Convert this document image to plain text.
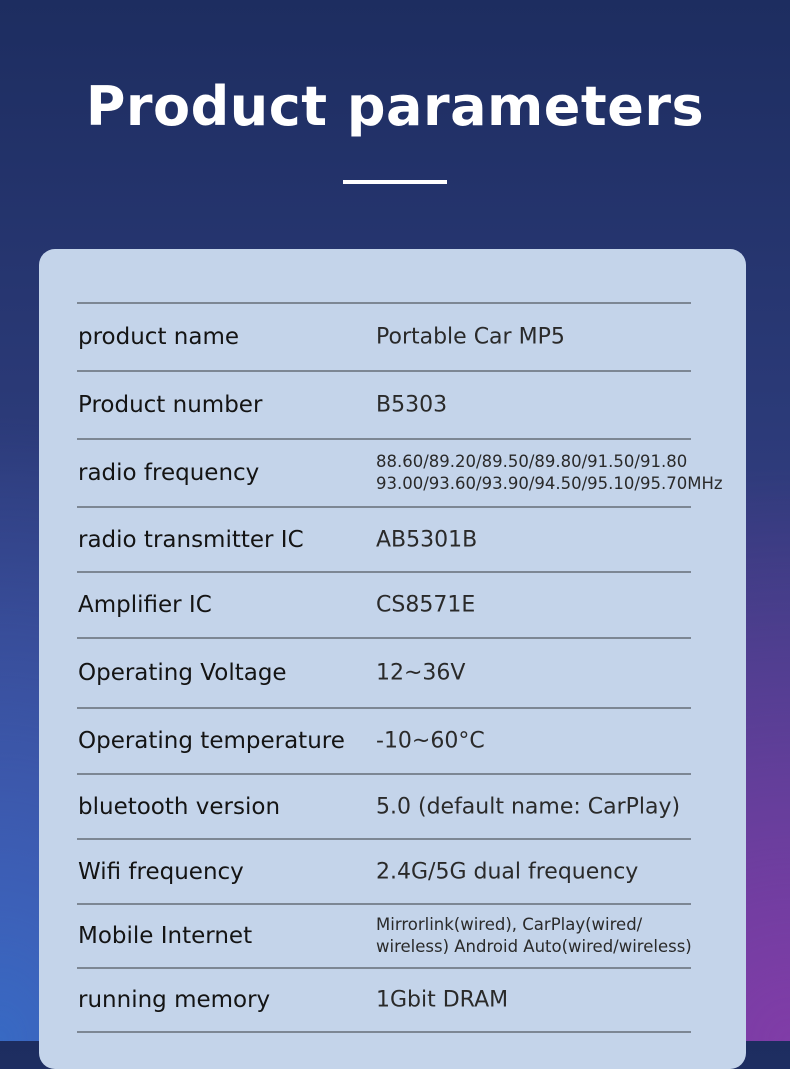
Product parameters
product name	Portable Car MP5
Product number	B5303
radio frequency	88.60/89.20/89.50/89.80/91.50/91.80
93.00/93.60/93.90/94.50/95.10/95.70MHz
radio transmitter IC	AB5301B
Amplifier IC	CS8571E
Operating Voltage	12~36V
Operating temperature -10~60°C
bluetooth version	5.0 (default name: CarPlay)
Wifi frequency	2.4G/5G dual frequency
Mobile Internet	Mirrorlink(wired), CarPlay(wired/
wireless) Android Auto(wired/wireless)
running memory	1Gbit DRAM
